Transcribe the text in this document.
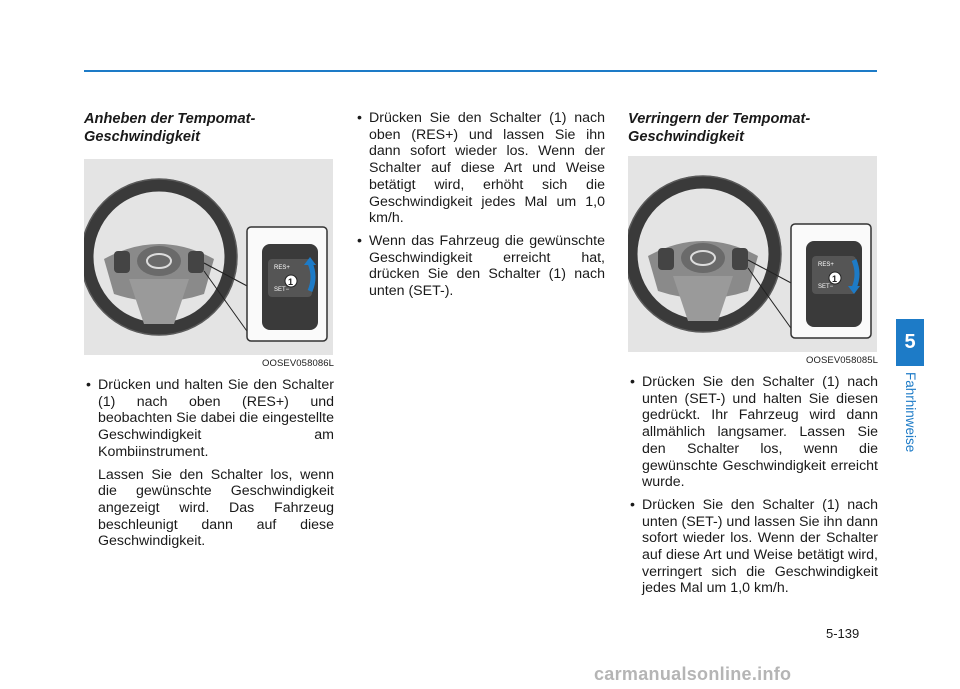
Anheben der Tempomat-
Geschwindigkeit
RES+
SET−
1
OOSEV058086L
• Drücken und halten Sie den Schalter (1) nach oben (RES+) und beobachten Sie dabei die eingestellte Geschwindigkeit am Kombiinstrument.

Lassen Sie den Schalter los, wenn die gewünschte Geschwindigkeit angezeigt wird. Das Fahrzeug beschleunigt dann auf diese Geschwindigkeit.

• Drücken Sie den Schalter (1) nach oben (RES+) und lassen Sie ihn dann sofort wieder los. Wenn der Schalter auf diese Art und Weise betätigt wird, erhöht sich die Geschwindigkeit jedes Mal um 1,0 km/h.
• Wenn das Fahrzeug die gewünschte Geschwindigkeit erreicht hat, drücken Sie den Schalter (1) nach unten (SET-).
Verringern der Tempomat-
Geschwindigkeit
RES+
SET−
1
OOSEV058085L
• Drücken Sie den Schalter (1) nach unten (SET-) und halten Sie diesen gedrückt. Ihr Fahrzeug wird dann allmählich langsamer. Lassen Sie den Schalter los, wenn die gewünschte Geschwindigkeit erreicht wurde.
• Drücken Sie den Schalter (1) nach unten (SET-) und lassen Sie ihn dann sofort wieder los. Wenn der Schalter auf diese Art und Weise betätigt wird, verringert sich die Geschwindigkeit jedes Mal um 1,0 km/h.
5
Fahrhinweise
5-139
carmanualsonline.info
